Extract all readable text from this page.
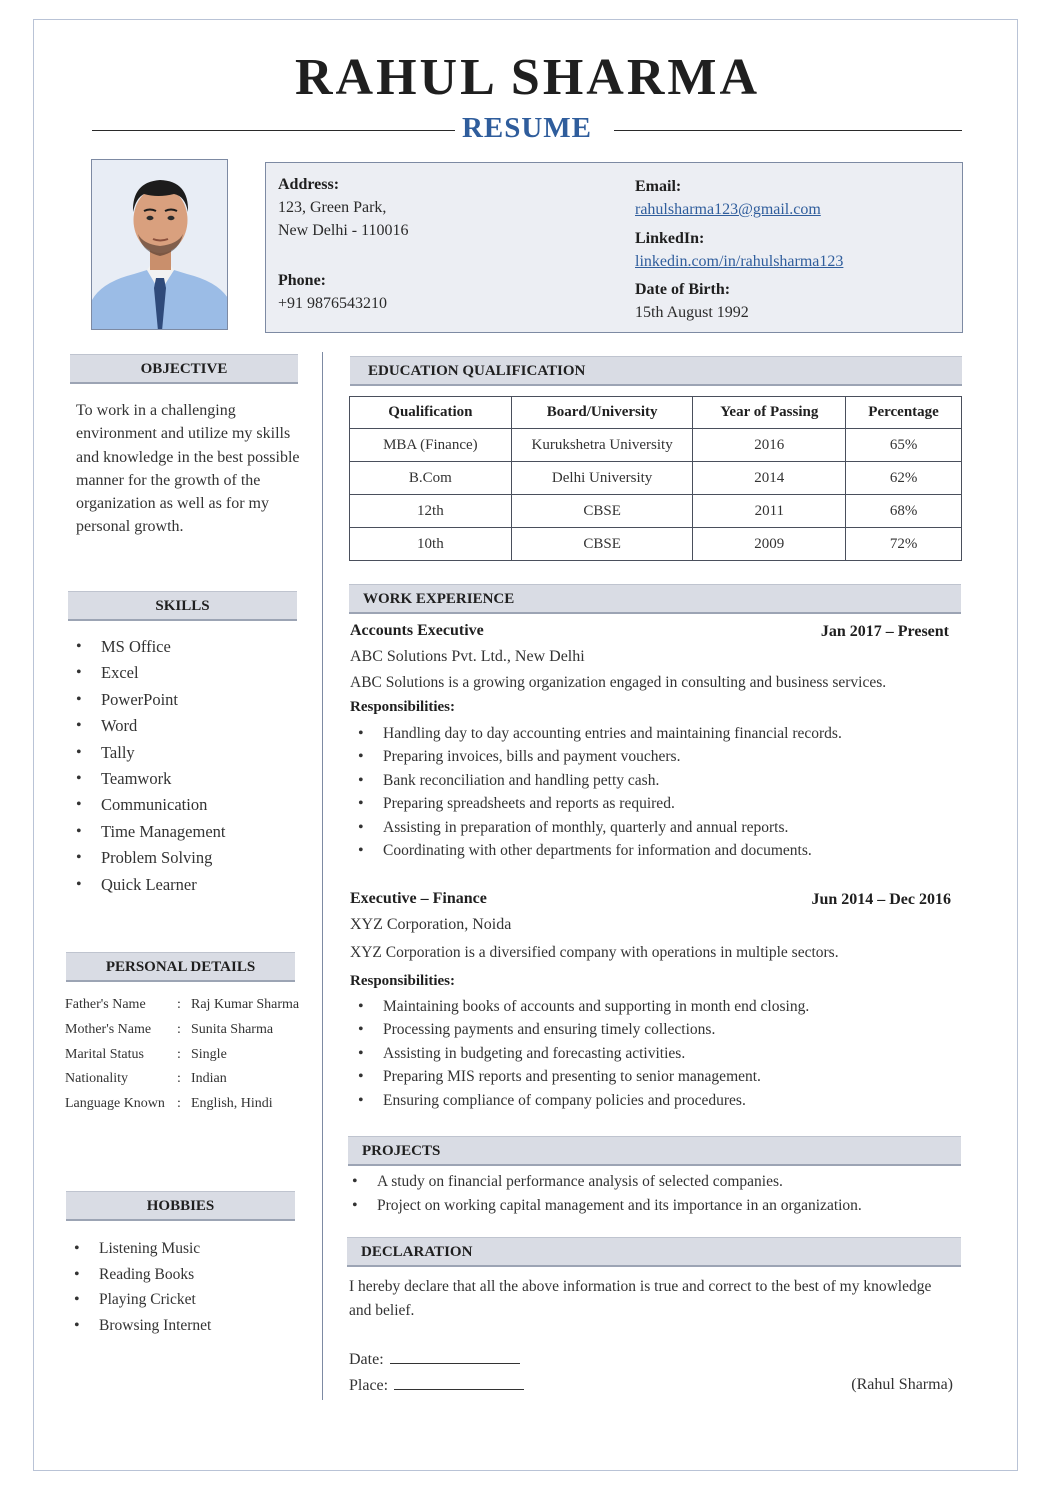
RAHUL SHARMA
RESUME
Address:
123, Green Park,
New Delhi - 110016
Phone:
+91 9876543210
Email:
rahulsharma123@gmail.com
LinkedIn:
linkedin.com/in/rahulsharma123
Date of Birth:
15th August 1992
OBJECTIVE
To work in a challenging environment and utilize my skills and knowledge in the best possible manner for the growth of the organization as well as for my personal growth.
SKILLS
• MS Office
• Excel
• PowerPoint
• Word
• Tally
• Teamwork
• Communication
• Time Management
• Problem Solving
• Quick Learner
PERSONAL DETAILS
Father's Name : Raj Kumar Sharma
Mother's Name : Sunita Sharma
Marital Status : Single
Nationality	: Indian
Language Known : English, Hindi
HOBBIES
• Listening Music
• Reading Books
• Playing Cricket
• Browsing Internet
EDUCATION QUALIFICATION
Qualification	Board/University	Year of Passing	Percentage
MBA (Finance)	Kurukshetra University	2016	65%
B.Com	Delhi University	2014	62%
12th	CBSE	2011	68%
10th	CBSE	2009	72%
WORK EXPERIENCE
Accounts Executive	Jan 2017 – Present
ABC Solutions Pvt. Ltd., New Delhi
ABC Solutions is a growing organization engaged in consulting and business services.
Responsibilities:
• Handling day to day accounting entries and maintaining financial records.
• Preparing invoices, bills and payment vouchers.
• Bank reconciliation and handling petty cash.
• Preparing spreadsheets and reports as required.
• Assisting in preparation of monthly, quarterly and annual reports.
• Coordinating with other departments for information and documents.
Executive – Finance	Jun 2014 – Dec 2016
XYZ Corporation, Noida
XYZ Corporation is a diversified company with operations in multiple sectors.
Responsibilities:
• Maintaining books of accounts and supporting in month end closing.
• Processing payments and ensuring timely collections.
• Assisting in budgeting and forecasting activities.
• Preparing MIS reports and presenting to senior management.
• Ensuring compliance of company policies and procedures.
PROJECTS
• A study on financial performance analysis of selected companies.
• Project on working capital management and its importance in an organization.
DECLARATION
I hereby declare that all the above information is true and correct to the best of my knowledge and belief.
Date:
Place:	(Rahul Sharma)
